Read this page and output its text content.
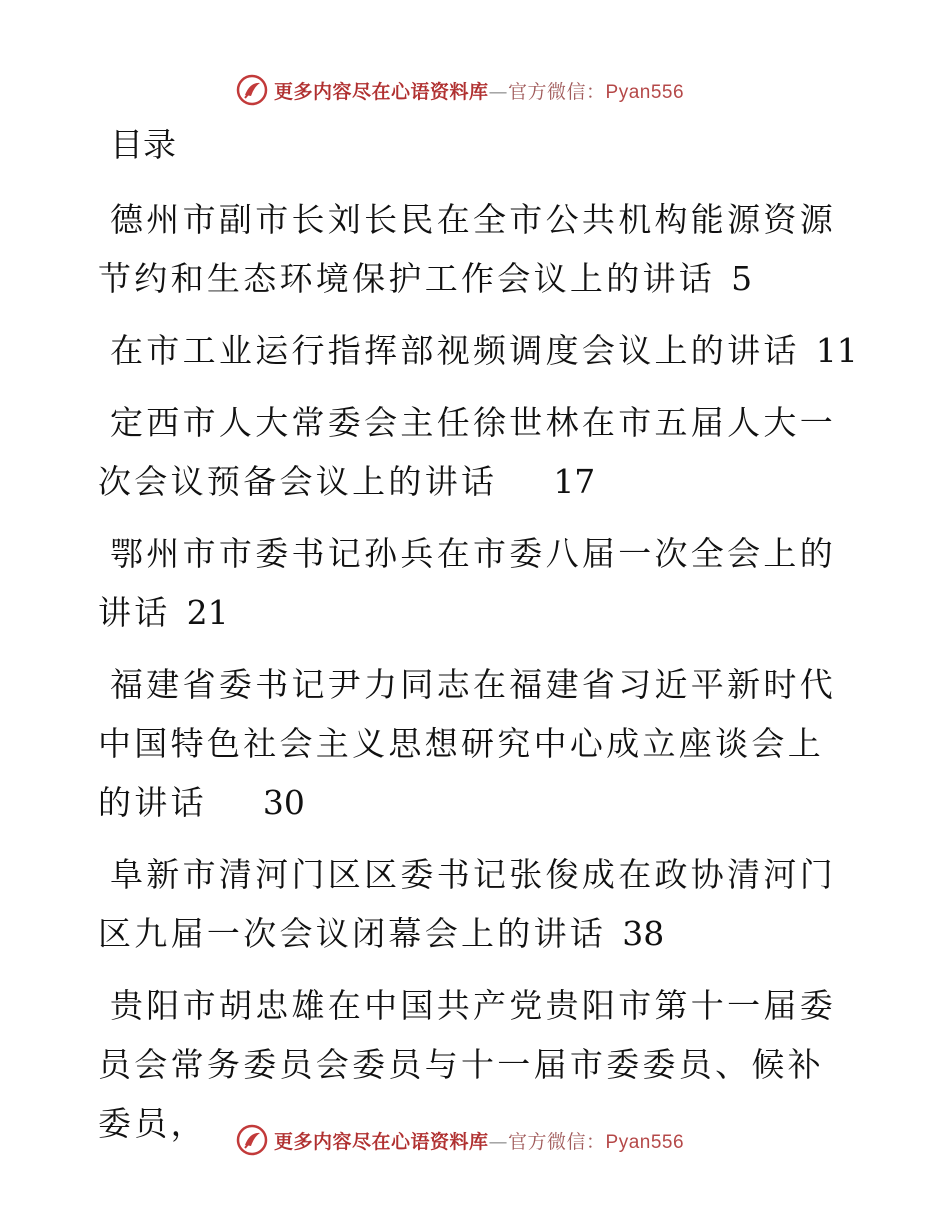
更多内容尽在心语资料库—官方微信：Pyan556
目录
德州市副市长刘长民在全市公共机构能源资源节约和生态环境保护工作会议上的讲话 5
在市工业运行指挥部视频调度会议上的讲话 11
定西市人大常委会主任徐世林在市五届人大一次会议预备会议上的讲话 17
鄂州市市委书记孙兵在市委八届一次全会上的讲话 21
福建省委书记尹力同志在福建省习近平新时代中国特色社会主义思想研究中心成立座谈会上的讲话 30
阜新市清河门区区委书记张俊成在政协清河门区九届一次会议闭幕会上的讲话 38
贵阳市胡忠雄在中国共产党贵阳市第十一届委员会常务委员会委员与十一届市委委员、候补委员，	更多内容尽在心语资料库—官方微信：Pyan556
